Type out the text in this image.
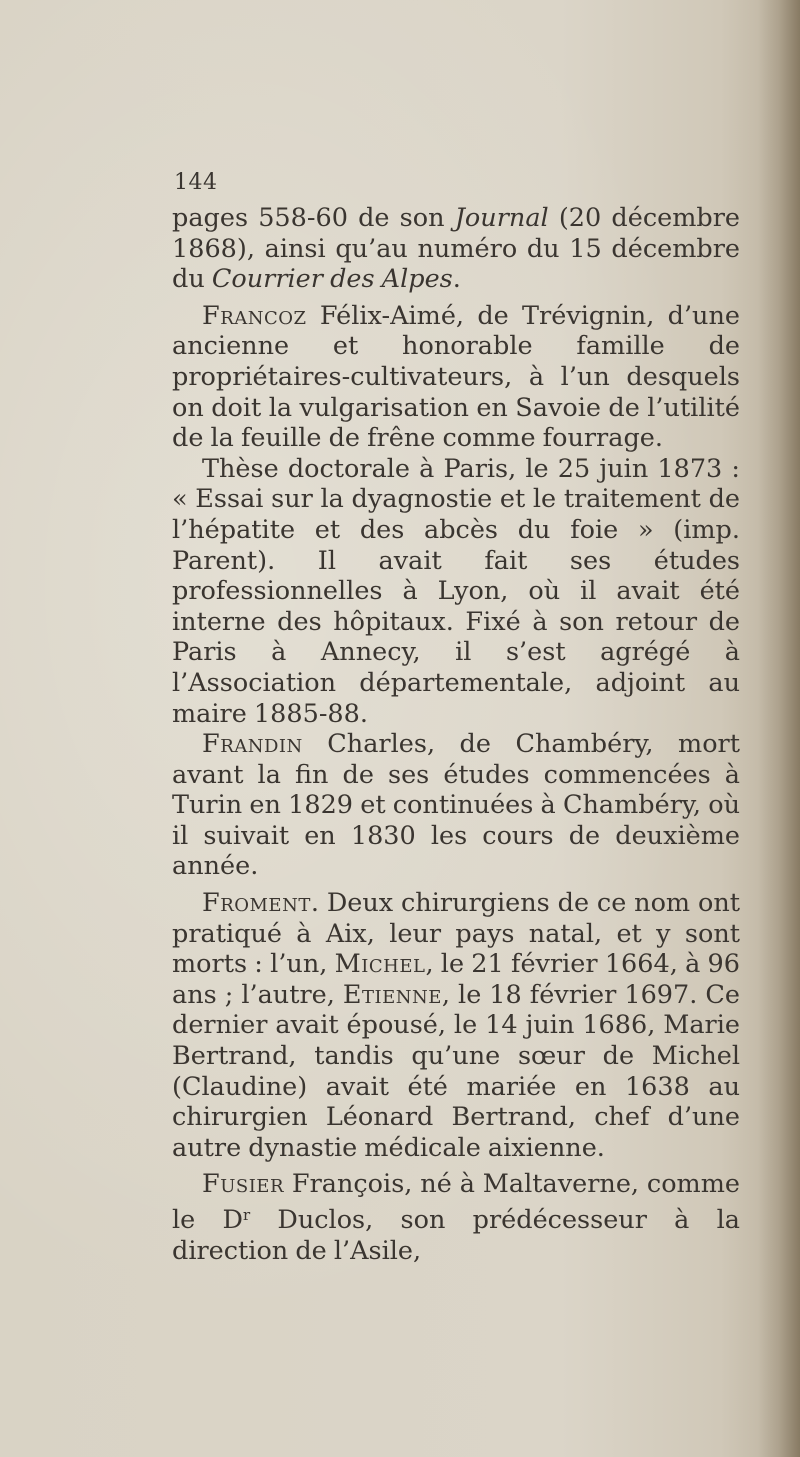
144

pages 558-60 de son Journal (20 décembre 1868), ainsi qu’au numéro du 15 décembre du Courrier des Alpes.

Francoz Félix-Aimé, de Trévignin, d’une ancienne et honorable famille de propriétaires-cultivateurs, à l’un desquels on doit la vulgarisation en Savoie de l’utilité de la feuille de frêne comme fourrage.

Thèse doctorale à Paris, le 25 juin 1873 : « Essai sur la dyagnostie et le traitement de l’hépatite et des abcès du foie » (imp. Parent). Il avait fait ses études professionnelles à Lyon, où il avait été interne des hôpitaux. Fixé à son retour de Paris à Annecy, il s’est agrégé à l’Association départementale, adjoint au maire 1885-88.

Frandin Charles, de Chambéry, mort avant la fin de ses études commencées à Turin en 1829 et continuées à Chambéry, où il suivait en 1830 les cours de deuxième année.

Froment. Deux chirurgiens de ce nom ont pratiqué à Aix, leur pays natal, et y sont morts : l’un, Michel, le 21 février 1664, à 96 ans ; l’autre, Etienne, le 18 février 1697. Ce dernier avait épousé, le 14 juin 1686, Marie Bertrand, tandis qu’une sœur de Michel (Claudine) avait été mariée en 1638 au chirurgien Léonard Bertrand, chef d’une autre dynastie médicale aixienne.

Fusier François, né à Maltaverne, comme le $D^r$ Duclos, son prédécesseur à la direction de l’Asile,
